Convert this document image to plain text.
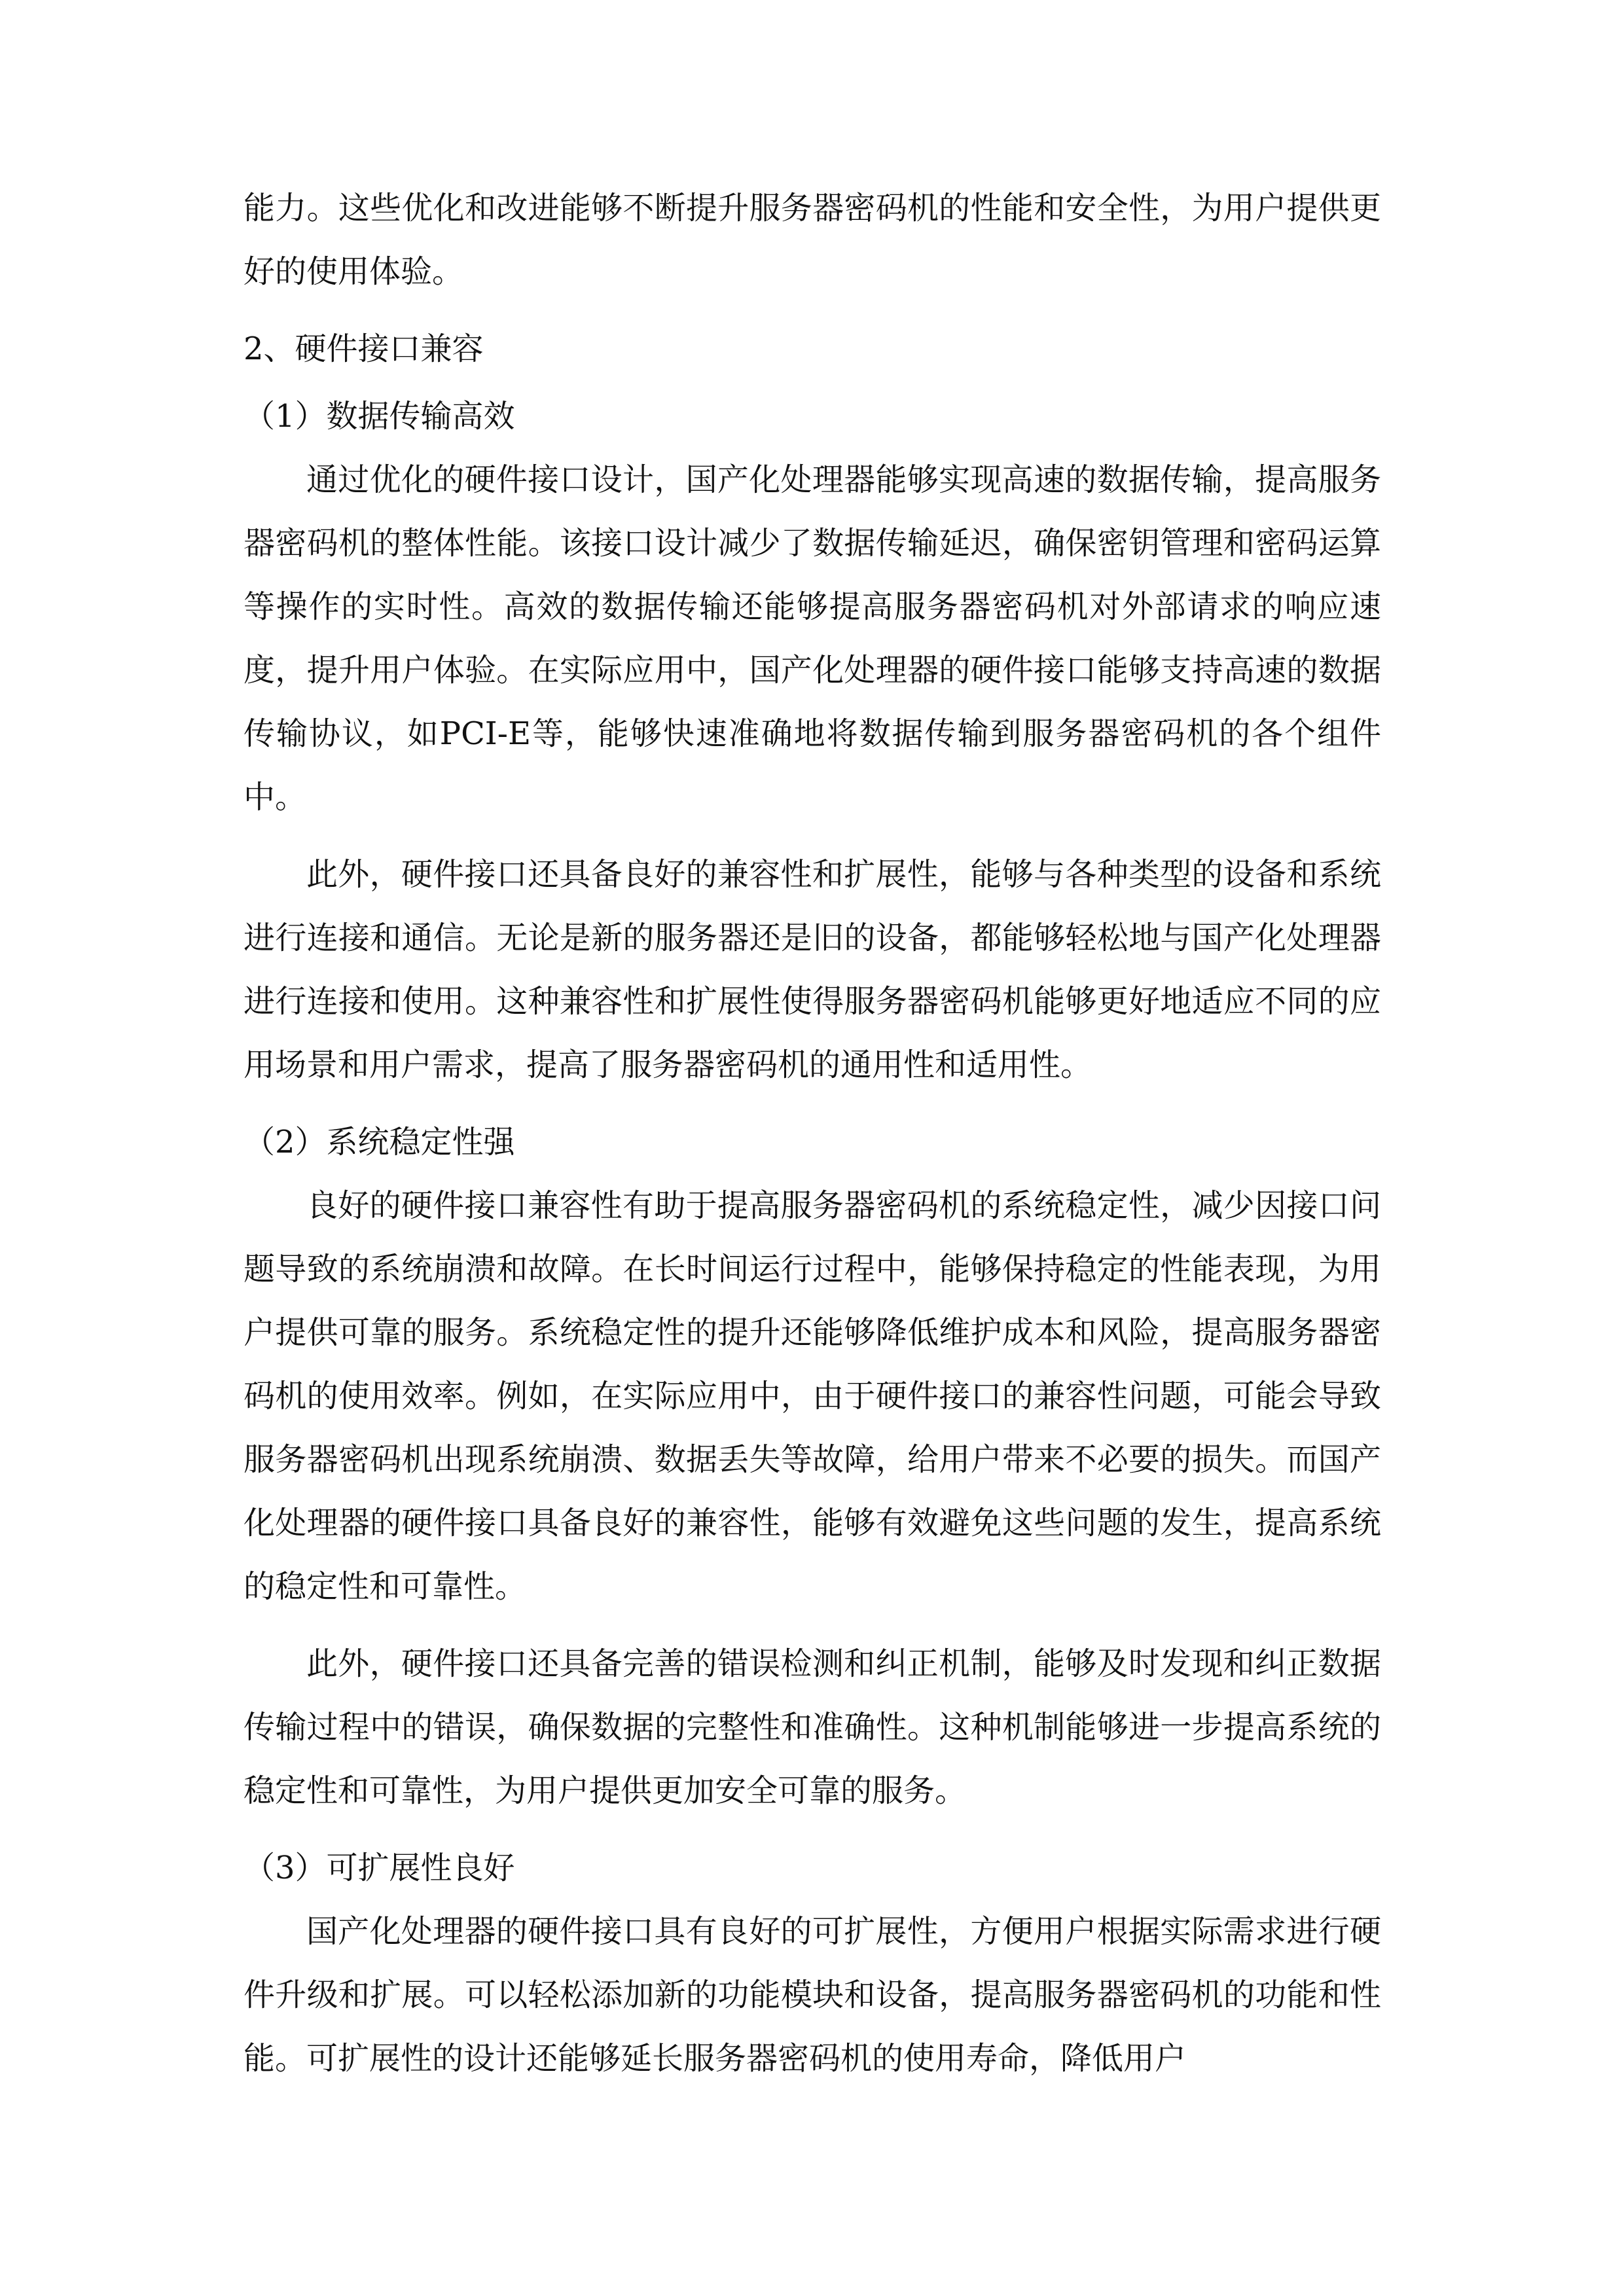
能力。这些优化和改进能够不断提升服务器密码机的性能和安全性，为用户提供更好的使用体验。

2、硬件接口兼容

（1）数据传输高效

通过优化的硬件接口设计，国产化处理器能够实现高速的数据传输，提高服务器密码机的整体性能。该接口设计减少了数据传输延迟，确保密钥管理和密码运算等操作的实时性。高效的数据传输还能够提高服务器密码机对外部请求的响应速度，提升用户体验。在实际应用中，国产化处理器的硬件接口能够支持高速的数据传输协议，如PCI-E等，能够快速准确地将数据传输到服务器密码机的各个组件中。

此外，硬件接口还具备良好的兼容性和扩展性，能够与各种类型的设备和系统进行连接和通信。无论是新的服务器还是旧的设备，都能够轻松地与国产化处理器进行连接和使用。这种兼容性和扩展性使得服务器密码机能够更好地适应不同的应用场景和用户需求，提高了服务器密码机的通用性和适用性。

（2）系统稳定性强

良好的硬件接口兼容性有助于提高服务器密码机的系统稳定性，减少因接口问题导致的系统崩溃和故障。在长时间运行过程中，能够保持稳定的性能表现，为用户提供可靠的服务。系统稳定性的提升还能够降低维护成本和风险，提高服务器密码机的使用效率。例如，在实际应用中，由于硬件接口的兼容性问题，可能会导致服务器密码机出现系统崩溃、数据丢失等故障，给用户带来不必要的损失。而国产化处理器的硬件接口具备良好的兼容性，能够有效避免这些问题的发生，提高系统的稳定性和可靠性。

此外，硬件接口还具备完善的错误检测和纠正机制，能够及时发现和纠正数据传输过程中的错误，确保数据的完整性和准确性。这种机制能够进一步提高系统的稳定性和可靠性，为用户提供更加安全可靠的服务。

（3）可扩展性良好

国产化处理器的硬件接口具有良好的可扩展性，方便用户根据实际需求进行硬件升级和扩展。可以轻松添加新的功能模块和设备，提高服务器密码机的功能和性能。可扩展性的设计还能够延长服务器密码机的使用寿命，降低用户
